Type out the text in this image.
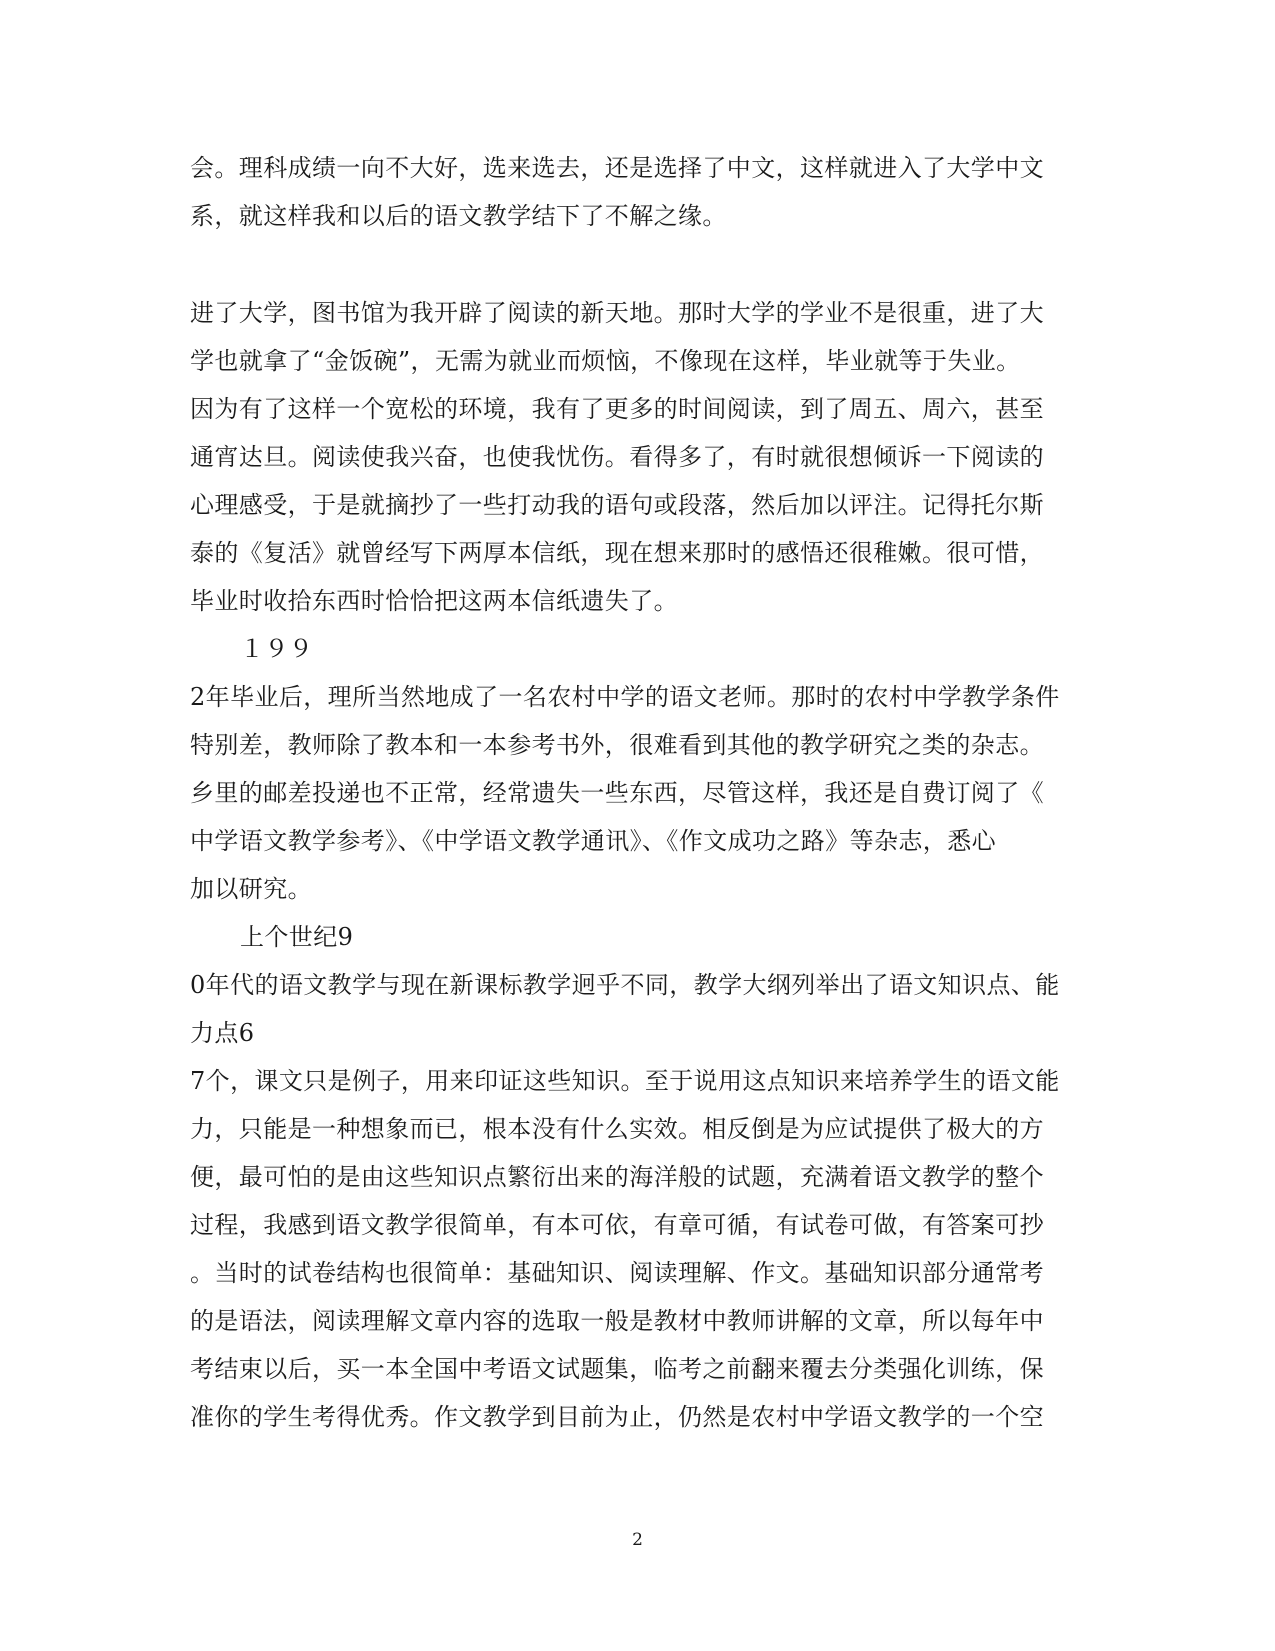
会。理科成绩一向不大好，选来选去，还是选择了中文，这样就进入了大学中文
系，就这样我和以后的语文教学结下了不解之缘。
进了大学，图书馆为我开辟了阅读的新天地。那时大学的学业不是很重，进了大
学也就拿了“金饭碗”，无需为就业而烦恼，不像现在这样，毕业就等于失业。
因为有了这样一个宽松的环境，我有了更多的时间阅读，到了周五、周六，甚至
通宵达旦。阅读使我兴奋，也使我忧伤。看得多了，有时就很想倾诉一下阅读的
心理感受，于是就摘抄了一些打动我的语句或段落，然后加以评注。记得托尔斯
泰的《复活》就曾经写下两厚本信纸，现在想来那时的感悟还很稚嫩。很可惜，
毕业时收拾东西时恰恰把这两本信纸遗失了。
１９９
2年毕业后，理所当然地成了一名农村中学的语文老师。那时的农村中学教学条件
特别差，教师除了教本和一本参考书外，很难看到其他的教学研究之类的杂志。
乡里的邮差投递也不正常，经常遗失一些东西，尽管这样，我还是自费订阅了《
中学语文教学参考》、《中学语文教学通讯》、《作文成功之路》等杂志，悉心
加以研究。
上个世纪9
0年代的语文教学与现在新课标教学迥乎不同，教学大纲列举出了语文知识点、能
力点6
7个，课文只是例子，用来印证这些知识。至于说用这点知识来培养学生的语文能
力，只能是一种想象而已，根本没有什么实效。相反倒是为应试提供了极大的方
便，最可怕的是由这些知识点繁衍出来的海洋般的试题，充满着语文教学的整个
过程，我感到语文教学很简单，有本可依，有章可循，有试卷可做，有答案可抄
。当时的试卷结构也很简单：基础知识、阅读理解、作文。基础知识部分通常考
的是语法，阅读理解文章内容的选取一般是教材中教师讲解的文章，所以每年中
考结束以后，买一本全国中考语文试题集，临考之前翻来覆去分类强化训练，保
准你的学生考得优秀。作文教学到目前为止，仍然是农村中学语文教学的一个空
2
